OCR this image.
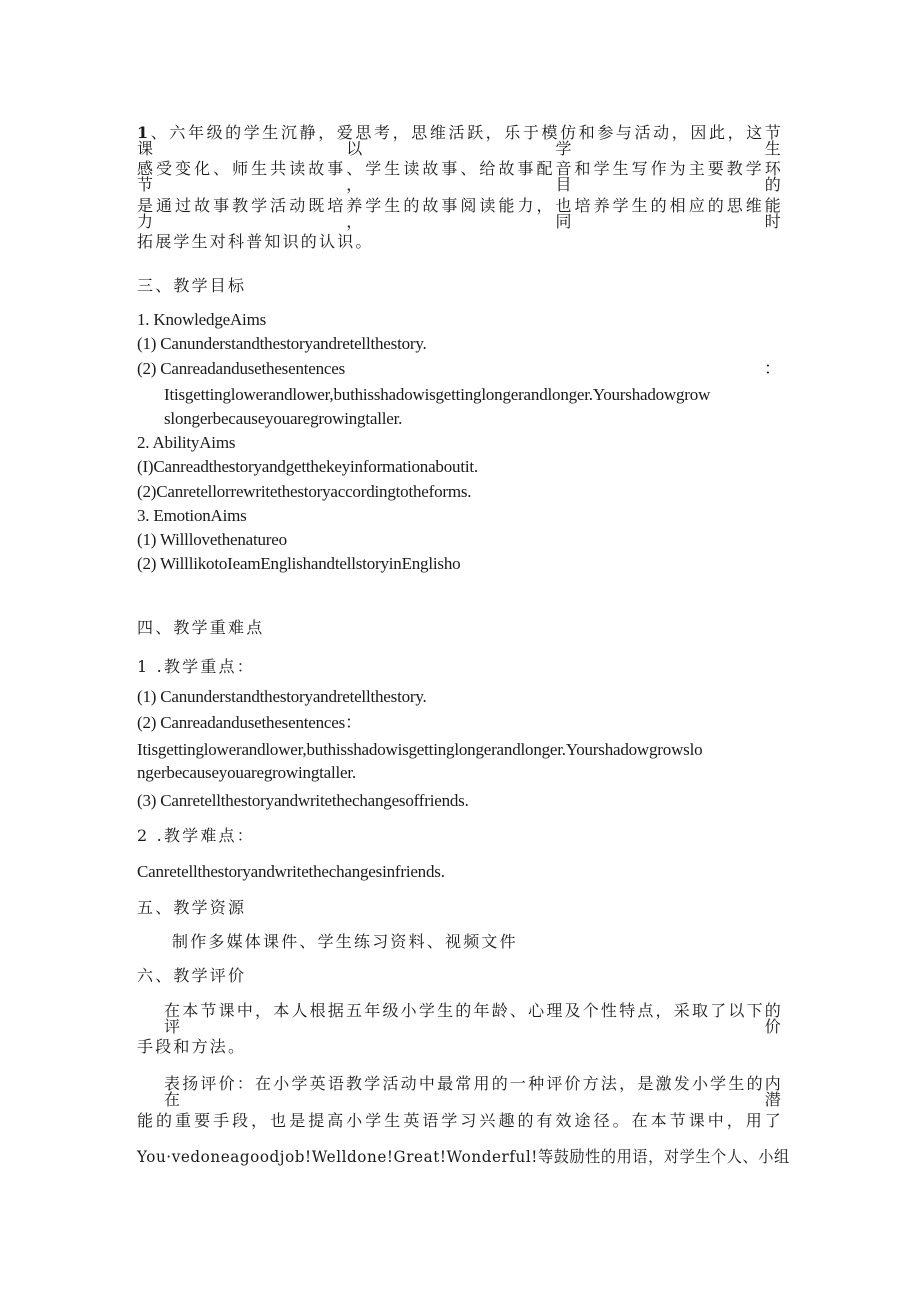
1、六年级的学生沉静，爱思考，思维活跃，乐于模仿和参与活动，因此，这节课以学生
感受变化、师生共读故事、学生读故事、给故事配音和学生写作为主要教学环节，目的
是通过故事教学活动既培养学生的故事阅读能力，也培养学生的相应的思维能力，同时
拓展学生对科普知识的认识。
三、教学目标
1. KnowledgeAims
(1) Canunderstandthestoryandretellthestory.
(2) Canreadandusethesentences	：
Itisgettinglowerandlower,buthisshadowisgettinglongerandlonger.Yourshadowgrow
slongerbecauseyouaregrowingtaller.
2. AbilityAims
(I)Canreadthestoryandgetthekeyinformationaboutit.
(2)Canretellorrewritethestoryaccordingtotheforms.
3. EmotionAims
(1) Willlovethenatureo
(2) WilllikotoIeamEnglishandtellstoryinEnglisho
四、教学重难点
1 .教学重点：
(1) Canunderstandthestoryandretellthestory.
(2) Canreadandusethesentences：
Itisgettinglowerandlower,buthisshadowisgettinglongerandlonger.Yourshadowgrowslo
ngerbecauseyouaregrowingtaller.
(3) Canretellthestoryandwritethechangesoffriends.
2 .教学难点：
Canretellthestoryandwritethechangesinfriends.
五、教学资源
制作多媒体课件、学生练习资料、视频文件
六、教学评价
在本节课中，本人根据五年级小学生的年龄、心理及个性特点，采取了以下的评价
手段和方法。
表扬评价：在小学英语教学活动中最常用的一种评价方法，是激发小学生的内在潜
能的重要手段，也是提高小学生英语学习兴趣的有效途径。在本节课中，用了
You·vedoneagoodjob!Welldone!Great!Wonderful!等鼓励性的用语，对学生个人、小组
